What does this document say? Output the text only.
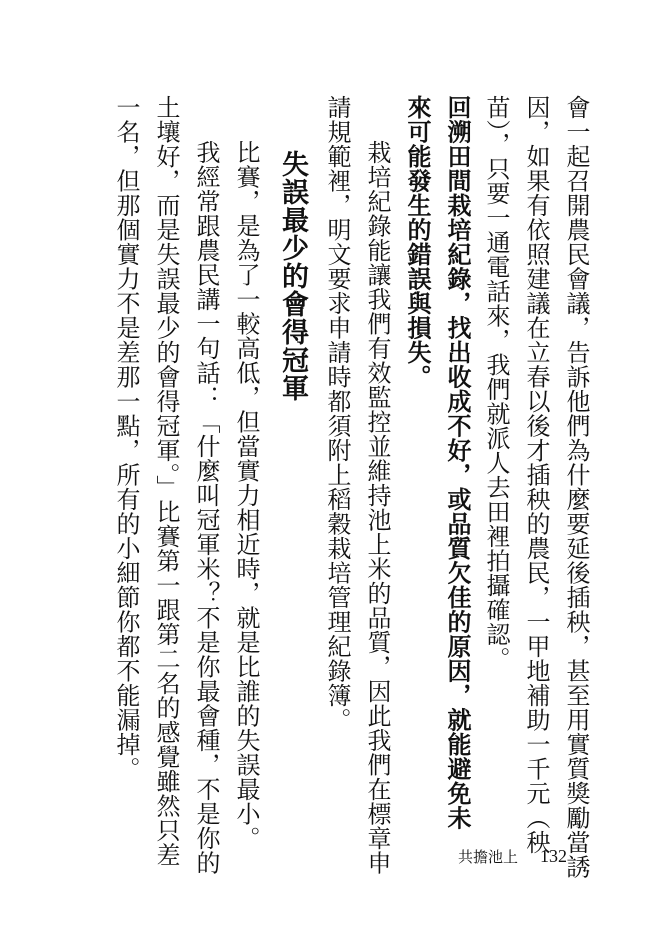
會一起召開農民會議，告訴他們為什麼要延後插秧，甚至用實質獎勵當誘
因，如果有依照建議在立春以後才插秧的農民，一甲地補助一千元（秧
苗），只要一通電話來，我們就派人去田裡拍攝確認。
回溯田間栽培紀錄，找出收成不好，或品質欠佳的原因，就能避免未
來可能發生的錯誤與損失。
栽培紀錄能讓我們有效監控並維持池上米的品質，因此我們在標章申
請規範裡，明文要求申請時都須附上稻穀栽培管理紀錄簿。
失誤最少的會得冠軍
比賽，是為了一較高低，但當實力相近時，就是比誰的失誤最小。
我經常跟農民講一句話：「什麼叫冠軍米？不是你最會種，不是你的
土壤好，而是失誤最少的會得冠軍。」比賽第一跟第二名的感覺雖然只差
一名，但那個實力不是差那一點，所有的小細節你都不能漏掉。
共擔池上 132
